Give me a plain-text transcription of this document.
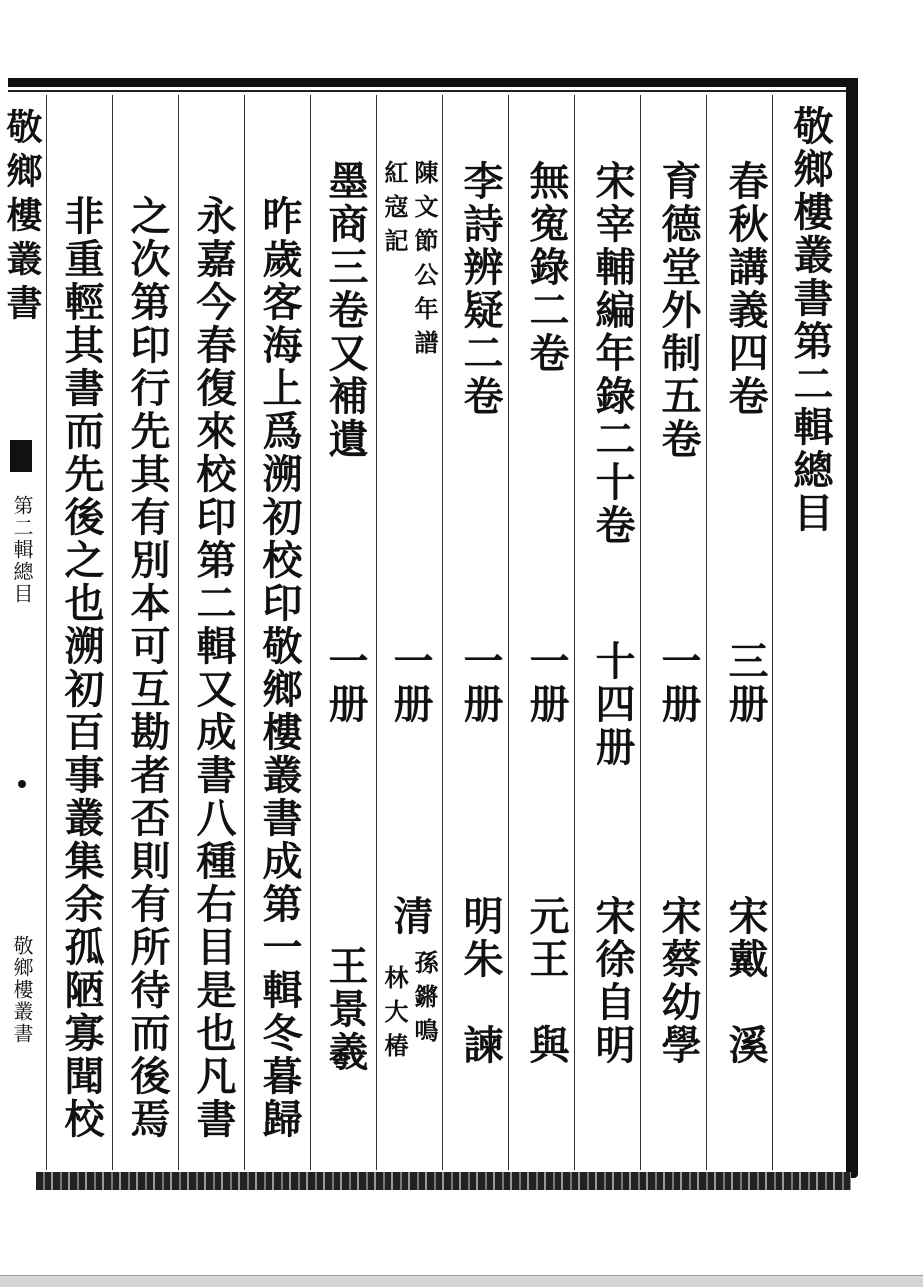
敬鄉樓叢書第二輯總目
春秋講義四卷
三册
宋戴　溪
育德堂外制五卷
一册
宋蔡幼學
宋宰輔編年錄二十卷
十四册
宋徐自明
無寃錄二卷
一册
元王　與
李詩辨疑二卷
一册
明朱　諫
陳文節公年譜
紅寇記
一册
清
孫鏘鳴
林大椿
墨商三卷又補遺
一册
王景羲
昨歲客海上爲溯初校印敬鄉樓叢書成第一輯冬暮歸
永嘉今春復來校印第二輯又成書八種右目是也凡書
之次第印行先其有別本可互勘者否則有所待而後焉
非重輕其書而先後之也溯初百事叢集余孤陋寡聞校
敬鄉樓叢書
第二輯總目
敬鄉樓叢書
